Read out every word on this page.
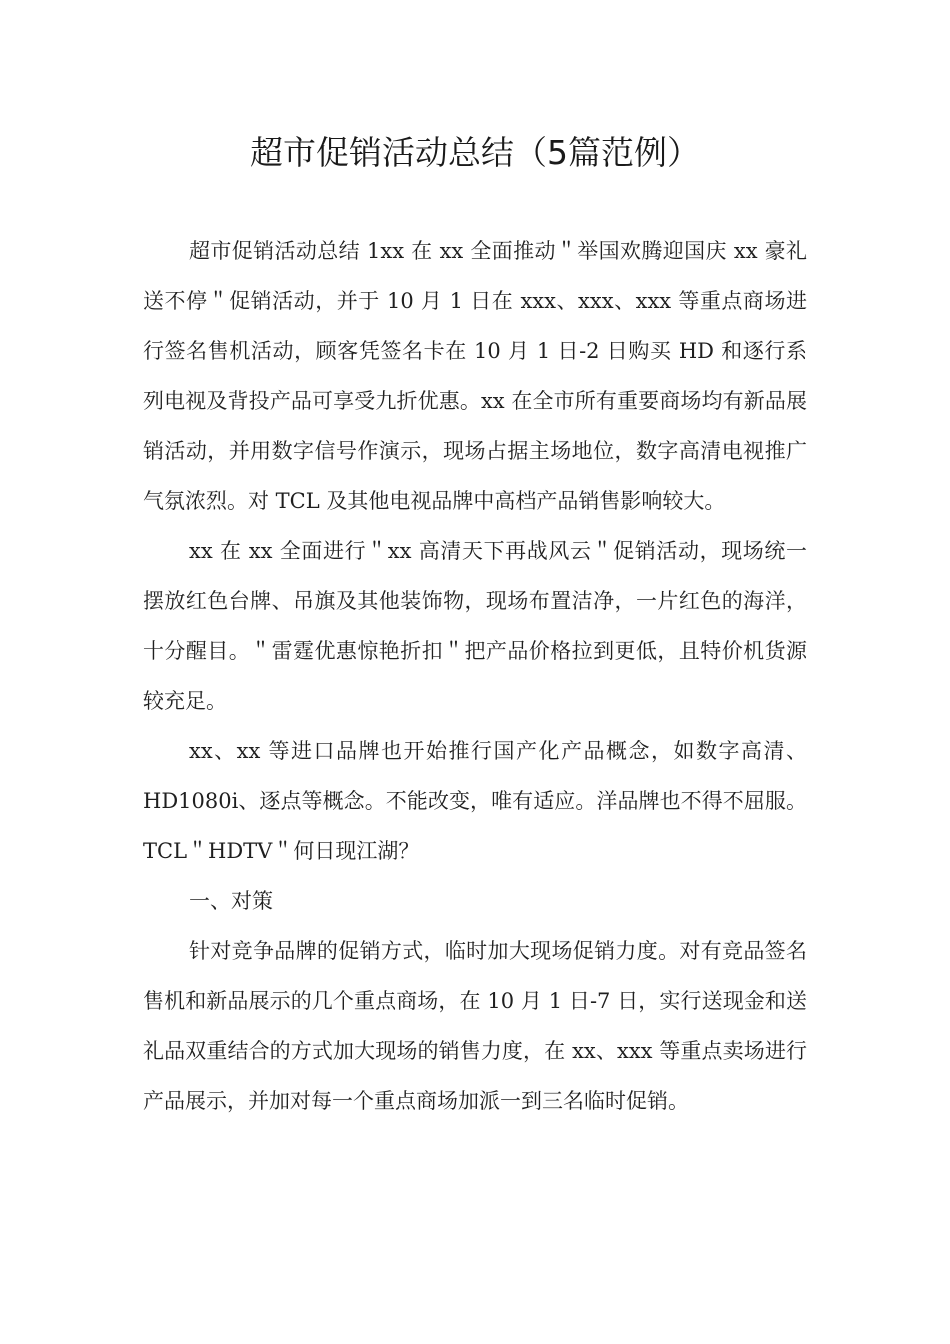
超市促销活动总结（5篇范例）

超市促销活动总结 1xx 在 xx 全面推动＂举国欢腾迎国庆 xx 豪礼送不停＂促销活动，并于 10 月 1 日在 xxx、xxx、xxx 等重点商场进行签名售机活动，顾客凭签名卡在 10 月 1 日-2 日购买 HD 和逐行系列电视及背投产品可享受九折优惠。xx 在全市所有重要商场均有新品展销活动，并用数字信号作演示，现场占据主场地位，数字高清电视推广气氛浓烈。对 TCL 及其他电视品牌中高档产品销售影响较大。

xx 在 xx 全面进行＂xx 高清天下再战风云＂促销活动，现场统一摆放红色台牌、吊旗及其他装饰物，现场布置洁净，一片红色的海洋，十分醒目。＂雷霆优惠惊艳折扣＂把产品价格拉到更低，且特价机货源较充足。

xx、xx 等进口品牌也开始推行国产化产品概念，如数字高清、HD1080i、逐点等概念。不能改变，唯有适应。洋品牌也不得不屈服。TCL＂HDTV＂何日现江湖？

一、对策

针对竞争品牌的促销方式，临时加大现场促销力度。对有竞品签名售机和新品展示的几个重点商场，在 10 月 1 日-7 日，实行送现金和送礼品双重结合的方式加大现场的销售力度，在 xx、xxx 等重点卖场进行产品展示，并加对每一个重点商场加派一到三名临时促销。
